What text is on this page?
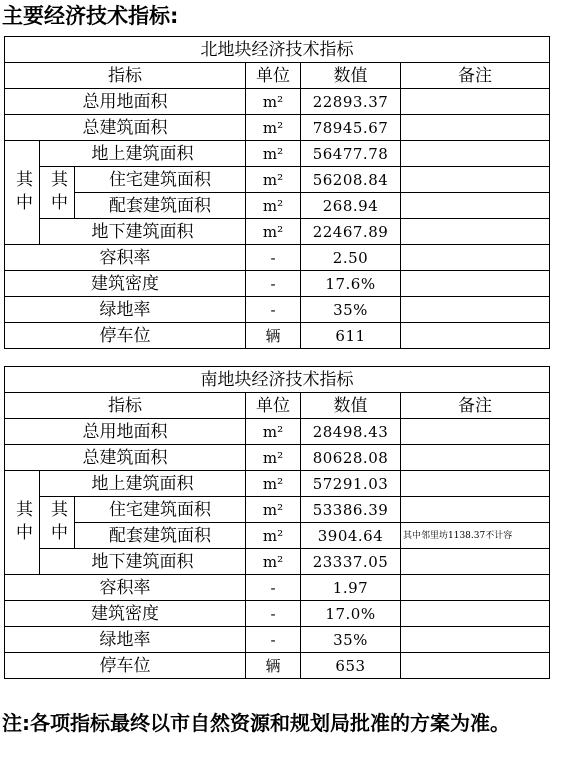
主要经济技术指标:
北地块经济技术指标					
指标			单位	数值	备注
总用地面积			m²	22893.37	
总建筑面积			m²	78945.67	
其中	地上建筑面积		m²	56477.78	
	其中	住宅建筑面积	m²	56208.84	
		配套建筑面积	m²	268.94	
	地下建筑面积		m²	22467.89	
容积率			-	2.50	
建筑密度			-	17.6%	
绿地率			-	35%	
停车位			辆	611	
南地块经济技术指标					
指标			单位	数值	备注
总用地面积			m²	28498.43	
总建筑面积			m²	80628.08	
其中	地上建筑面积		m²	57291.03	
	其中	住宅建筑面积	m²	53386.39	
		配套建筑面积	m²	3904.64	其中邻里坊1138.37不计容
	地下建筑面积		m²	23337.05	
容积率			-	1.97	
建筑密度			-	17.0%	
绿地率			-	35%	
停车位			辆	653	
注:各项指标最终以市自然资源和规划局批准的方案为准。
